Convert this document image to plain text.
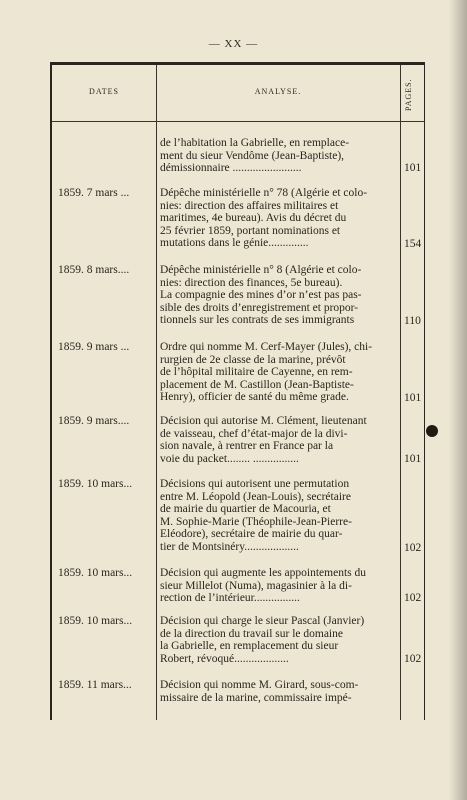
— XX —
DATES	ANALYSE.	PAGES.
de l’habitation la Gabrielle, en remplace-
ment du sieur Vendôme (Jean-Baptiste),
démissionnaire ........................	101
1859. 7 mars ...	Dépêche ministérielle n° 78 (Algérie et colo-
nies: direction des affaires militaires et
maritimes, 4e bureau). Avis du décret du
25 février 1859, portant nominations et
mutations dans le génie..............	154
1859. 8 mars....	Dépêche ministérielle n° 8 (Algérie et colo-
nies: direction des finances, 5e bureau).
La compagnie des mines d’or n’est pas pas-
sible des droits d’enregistrement et propor-
tionnels sur les contrats de ses immigrants	110
1859. 9 mars ...	Ordre qui nomme M. Cerf-Mayer (Jules), chi-
rurgien de 2e classe de la marine, prévôt
de l’hôpital militaire de Cayenne, en rem-
placement de M. Castillon (Jean-Baptiste-
Henry), officier de santé du même grade.	101
1859. 9 mars....	Décision qui autorise M. Clément, lieutenant
de vaisseau, chef d’état-major de la divi-
sion navale, à rentrer en France par la
voie du packet........ ................	101
1859. 10 mars... Décisions qui autorisent une permutation
entre M. Léopold (Jean-Louis), secrétaire
de mairie du quartier de Macouria, et
M. Sophie-Marie (Théophile-Jean-Pierre-
Eléodore), secrétaire de mairie du quar-
tier de Montsinéry...................	102
1859. 10 mars... Décision qui augmente les appointements du
sieur Millelot (Numa), magasinier à la di-
rection de l’intérieur................	102
1859. 10 mars... Décision qui charge le sieur Pascal (Janvier)
de la direction du travail sur le domaine
la Gabrielle, en remplacement du sieur
Robert, révoqué...................	102
1859. 11 mars... Décision qui nomme M. Girard, sous-com-
missaire de la marine, commissaire impé-
